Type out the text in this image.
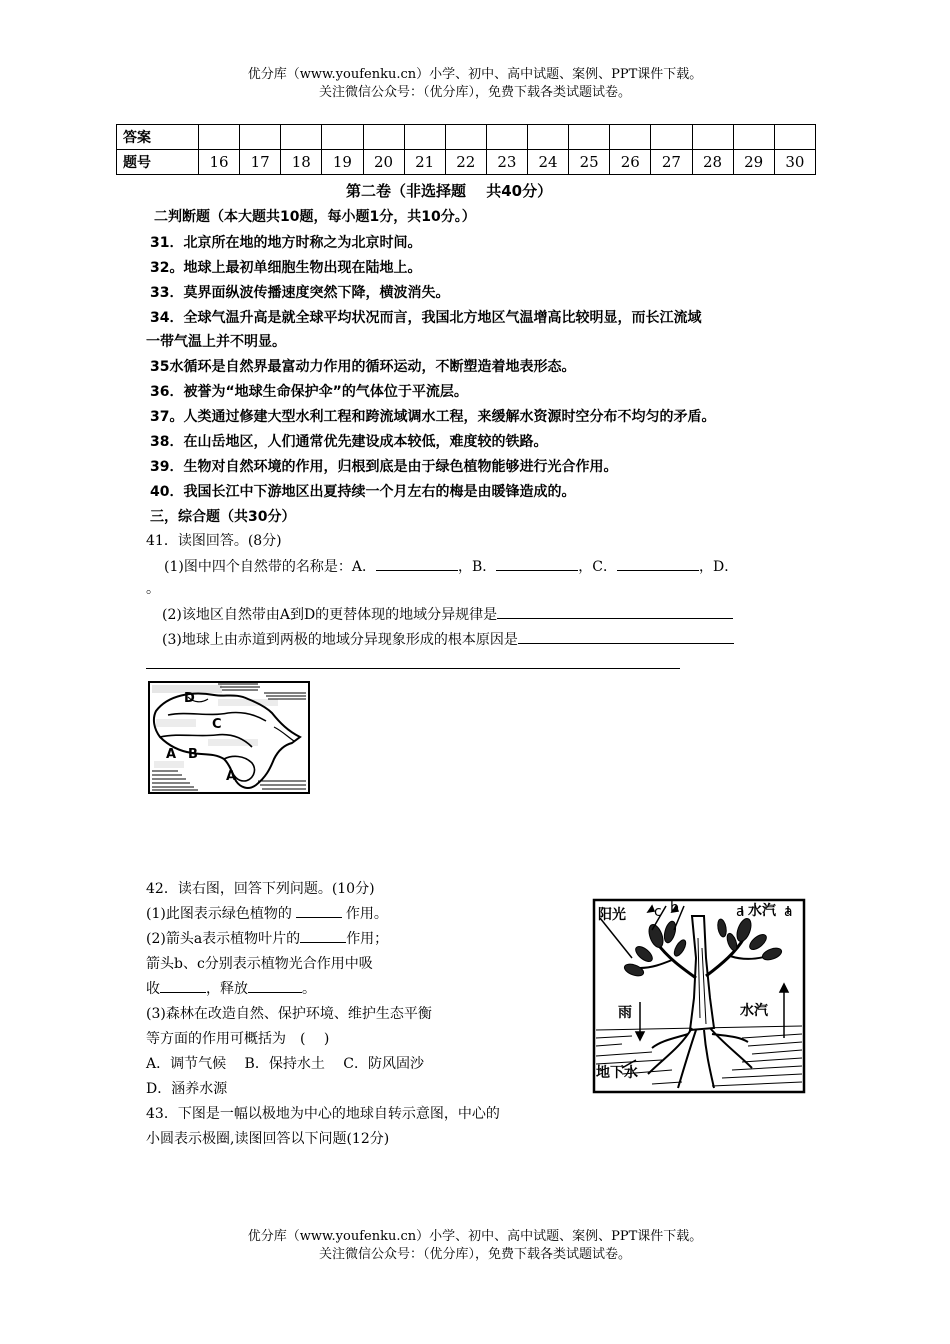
优分库（www.youfenku.cn）小学、初中、高中试题、案例、PPT课件下载。
关注微信公众号：（优分库），免费下载各类试题试卷。
答案															
题号	16	17	18	19	20	21	22	23	24	25	26	27	28	29	30
第二卷（非选择题　 共40分）
二判断题（本大题共10题，每小题1分，共10分。）
31．北京所在地的地方时称之为北京时间。
32。地球上最初单细胞生物出现在陆地上。
33．莫界面纵波传播速度突然下降，横波消失。
34．全球气温升高是就全球平均状况而言，我国北方地区气温增高比较明显，而长江流域
一带气温上并不明显。
35水循环是自然界最富动力作用的循环运动，不断塑造着地表形态。
36．被誉为“地球生命保护伞”的气体位于平流层。
37。人类通过修建大型水利工程和跨流域调水工程，来缓解水资源时空分布不均匀的矛盾。
38．在山岳地区，人们通常优先建设成本较低，难度较的铁路。
39．生物对自然环境的作用，归根到底是由于绿色植物能够进行光合作用。
40．我国长江中下游地区出夏持续一个月左右的梅是由暖锋造成的。
三，综合题（共30分）
41．读图回答。(8分)
(1)图中四个自然带的名称是：A．	，B．	，C．	，D．
。
(2)该地区自然带由A到D的更替体现的地域分异规律是
(3)地球上由赤道到两极的地域分异现象形成的根本原因是
D
C
A B
A
42．读右图，回答下列问题。(10分)
(1)此图表示绿色植物的	作用。
(2)箭头a表示植物叶片的	作用；
箭头b、c分别表示植物光合作用中吸
收	，释放	。
(3)森林在改造自然、保护环境、维护生态平衡
等方面的作用可概括为　(　 )
A．调节气候　 B．保持水土　 C．防风固沙
D．涵养水源
阳光 c b	a 水汽 a
雨	水汽
地下水
43．下图是一幅以极地为中心的地球自转示意图，中心的
小圆表示极圈,读图回答以下问题(12分)
优分库（www.youfenku.cn）小学、初中、高中试题、案例、PPT课件下载。
关注微信公众号：（优分库），免费下载各类试题试卷。
